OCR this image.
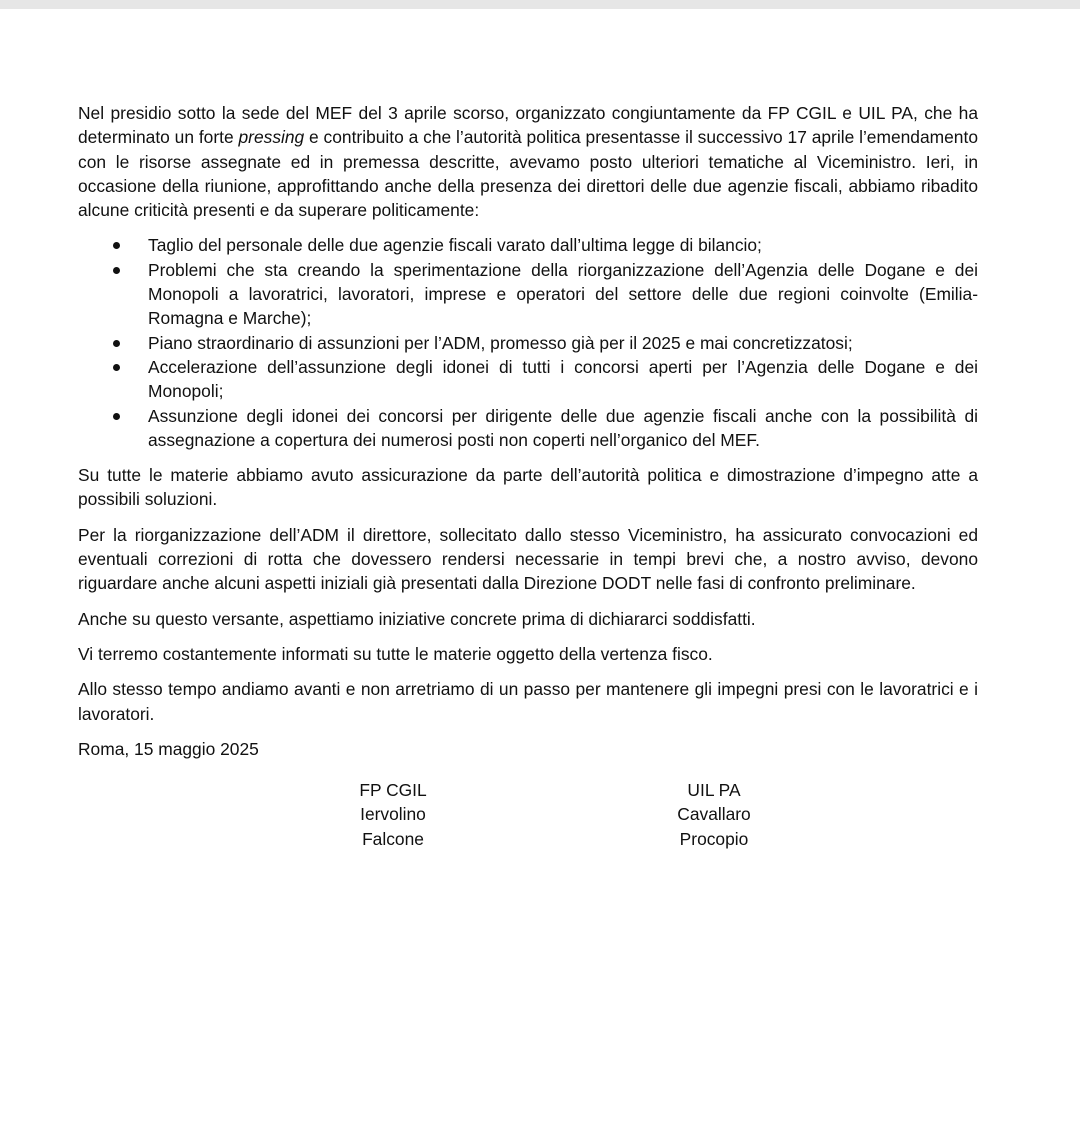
Nel presidio sotto la sede del MEF del 3 aprile scorso, organizzato congiuntamente da FP CGIL e UIL PA, che ha determinato un forte pressing e contribuito a che l’autorità politica presentasse il successivo 17 aprile l’emendamento con le risorse assegnate ed in premessa descritte, avevamo posto ulteriori tematiche al Viceministro. Ieri, in occasione della riunione, approfittando anche della presenza dei direttori delle due agenzie fiscali, abbiamo ribadito alcune criticità presenti e da superare politicamente:

Taglio del personale delle due agenzie fiscali varato dall’ultima legge di bilancio;
Problemi che sta creando la sperimentazione della riorganizzazione dell’Agenzia delle Dogane e dei Monopoli a lavoratrici, lavoratori, imprese e operatori del settore delle due regioni coinvolte (Emilia-Romagna e Marche);
Piano straordinario di assunzioni per l’ADM, promesso già per il 2025 e mai concretizzatosi;
Accelerazione dell’assunzione degli idonei di tutti i concorsi aperti per l’Agenzia delle Dogane e dei Monopoli;
Assunzione degli idonei dei concorsi per dirigente delle due agenzie fiscali anche con la possibilità di assegnazione a copertura dei numerosi posti non coperti nell’organico del MEF.

Su tutte le materie abbiamo avuto assicurazione da parte dell’autorità politica e dimostrazione d’impegno atte a possibili soluzioni.

Per la riorganizzazione dell’ADM il direttore, sollecitato dallo stesso Viceministro, ha assicurato convocazioni ed eventuali correzioni di rotta che dovessero rendersi necessarie in tempi brevi che, a nostro avviso, devono riguardare anche alcuni aspetti iniziali già presentati dalla Direzione DODT nelle fasi di confronto preliminare.

Anche su questo versante, aspettiamo iniziative concrete prima di dichiararci soddisfatti.

Vi terremo costantemente informati su tutte le materie oggetto della vertenza fisco.

Allo stesso tempo andiamo avanti e non arretriamo di un passo per mantenere gli impegni presi con le lavoratrici e i lavoratori.

Roma, 15 maggio 2025

FP CGIL
Iervolino
Falcone
UIL PA
Cavallaro
Procopio
